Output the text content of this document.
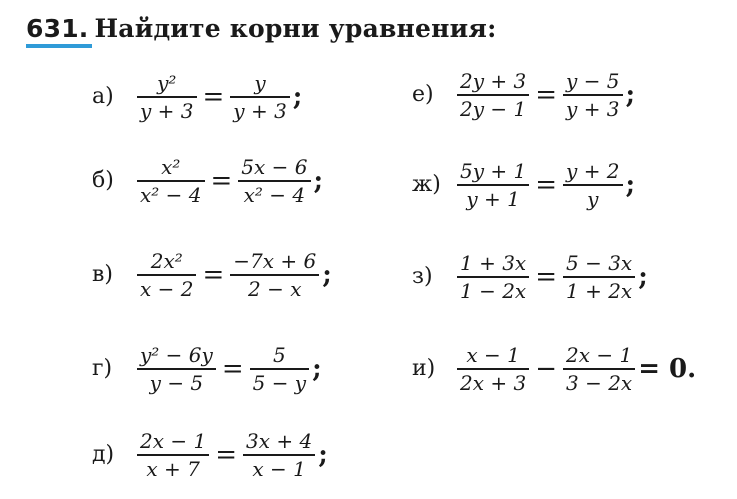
631. Найдите корни уравнения:
а)	$\frac{\text{y²}}{y + 3} = \frac{y}{y + 3}$ ;
б)	$\frac{\text{x²}}{\text{x² − 4}} = \frac{5x - 6}{\text{x² − 4}}$ ;
в)	$\frac{\text{2x²}}{x - 2} = \frac{-7x + 6}{2 - x}$ ;
г)	$\frac{\text{y² − 6y}}{y - 5} = \frac{5}{5 - y}$ ;
д)	$\frac{2x - 1}{x + 7} = \frac{3x + 4}{x - 1}$ ;
е)	$\frac{2y + 3}{2y - 1} = \frac{y - 5}{y + 3}$ ;
$ж) \frac{5y + 1}{y + 1} = \frac{y + 2}{y}$ ;
з)	$\frac{1 + 3x}{1 - 2x} = \frac{5 - 3x}{1 + 2x}$ ;
и)	$\frac{x - 1}{2x + 3} - \frac{2x - 1}{3 - 2x} = 0$.
